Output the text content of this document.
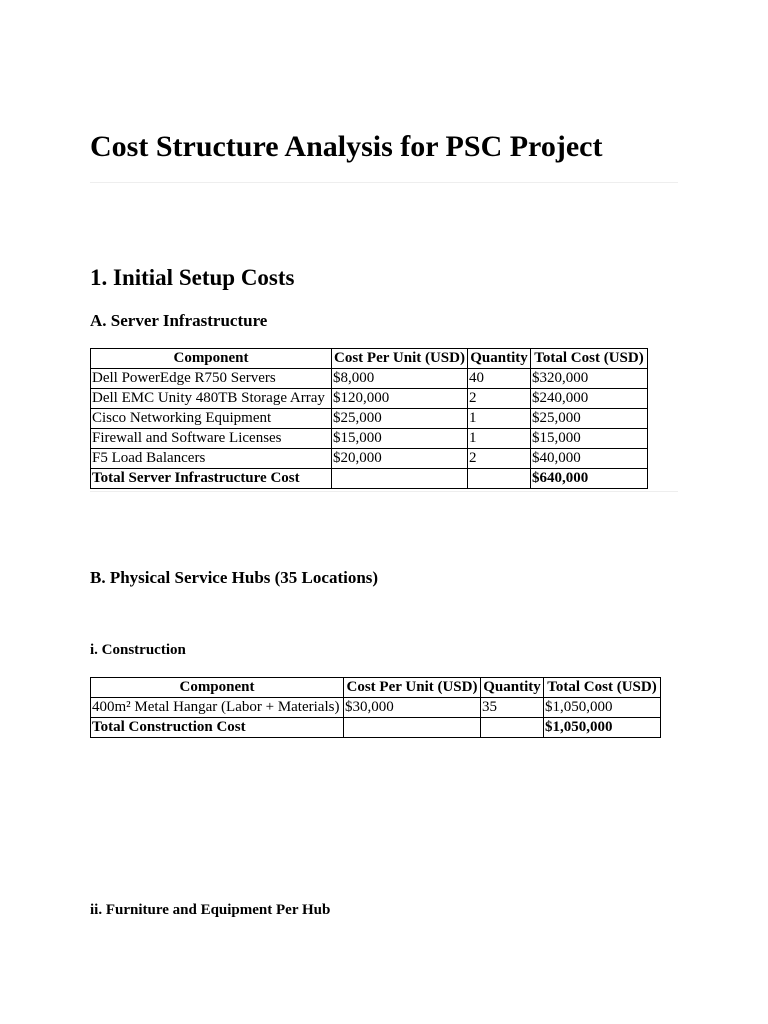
Cost Structure Analysis for PSC Project
1. Initial Setup Costs
A. Server Infrastructure
Component	Cost Per Unit (USD)	Quantity	Total Cost (USD)
Dell PowerEdge R750 Servers	$8,000	40	$320,000
Dell EMC Unity 480TB Storage Array	$120,000	2	$240,000
Cisco Networking Equipment	$25,000	1	$25,000
Firewall and Software Licenses	$15,000	1	$15,000
F5 Load Balancers	$20,000	2	$40,000
Total Server Infrastructure Cost			$640,000
B. Physical Service Hubs (35 Locations)
i. Construction
Component	Cost Per Unit (USD)	Quantity	Total Cost (USD)
400m² Metal Hangar (Labor + Materials)	$30,000	35	$1,050,000
Total Construction Cost			$1,050,000
ii. Furniture and Equipment Per Hub
